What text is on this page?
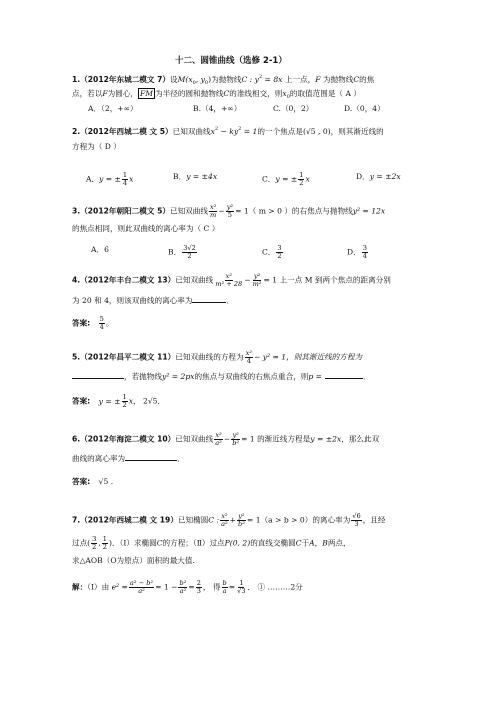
十二、圆锥曲线（选修 2-1）
1.（2012年东城二模文 7）设$M(x_0$, $y_0$)为抛物线C : $y^2 = 8x$ 上一点，F 为抛物线C的焦
点，若以F为圆心， FM 为半径的圆和抛物线C的准线相交，则$x_0$的取值范围是（ A ）
A．（2，+∞）	B.（4，+∞）	C.（0，2）	D.（0，4）
2.（2012年西城二模 文 5）已知双曲线$x^2 - ky^2 = 1$的一个焦点是(√5 , 0)，则其渐近线的
方程为（ D ）
A．y = ± $\frac{1}{4}$ x	B．y = ±4x	C．y = ± $\frac{1}{2}$ x	D．y = ±2x
3.（2012年朝阳二模文 5）已知双曲线 $\frac{\text{x²}}{m} - \frac{\text{y²}}{5} = 1$（ m > 0 ）的右焦点与抛物线y² = 12x
的焦点相同，则此双曲线的离心率为（ C ）
A．6	B． $\frac{3√2}{2}$	C． $\frac{3}{2}$	D． $\frac{3}{4}$
4.（2012年丰台二模文 13）已知双曲线 $\frac{\text{x²}}{\text{m² + 28}} - \frac{\text{y²}}{\text{m²}} = 1$ 上一点 M 到两个焦点的距离分别
为 20 和 4，则该双曲线的离心率为	．
答案: $\frac{5}{4}$ 。
5.（2012年昌平二模文 11）已知双曲线的方程为 $\frac{\text{x²}}{4} - y^2 = 1$，则其渐近线的方程为
，若抛物线y² = 2px的焦点与双曲线的右焦点重合，则p =	．
答案: y = ± $\frac{1}{2}$ x， 2√5．
6.（2012年海淀二模文 10）已知双曲线 $\frac{\text{x²}}{\text{a²}} - \frac{\text{y²}}{\text{b²}} = 1$ 的渐近线方程是y = ±2x，那么此双
曲线的离心率为	．
答案: √5 .
7.（2012年西城二模 文 19）已知椭圆C : $\frac{\text{x²}}{\text{a²}} + \frac{\text{y²}}{\text{b²}} = 1(a > b > 0)$的离心率为 $\frac{√6}{3}$ ，且经
过点( $\frac{3}{2}$ , $\frac{1}{2}$ )．（Ⅰ）求椭圆C的方程；（Ⅱ）过点P(0, 2)的直线交椭圆C于A，B两点，
求△AOB（O为原点）面积的最大值.
解：（Ⅰ）由 $e^2 = \frac{\text{a² − b²}}{\text{a²}} = 1 - \frac{\text{b²}}{\text{a²}} = \frac{2}{3}$ ， 得 $\frac{b}{a} = \frac{1}{√3}$ ． ① ………2分
